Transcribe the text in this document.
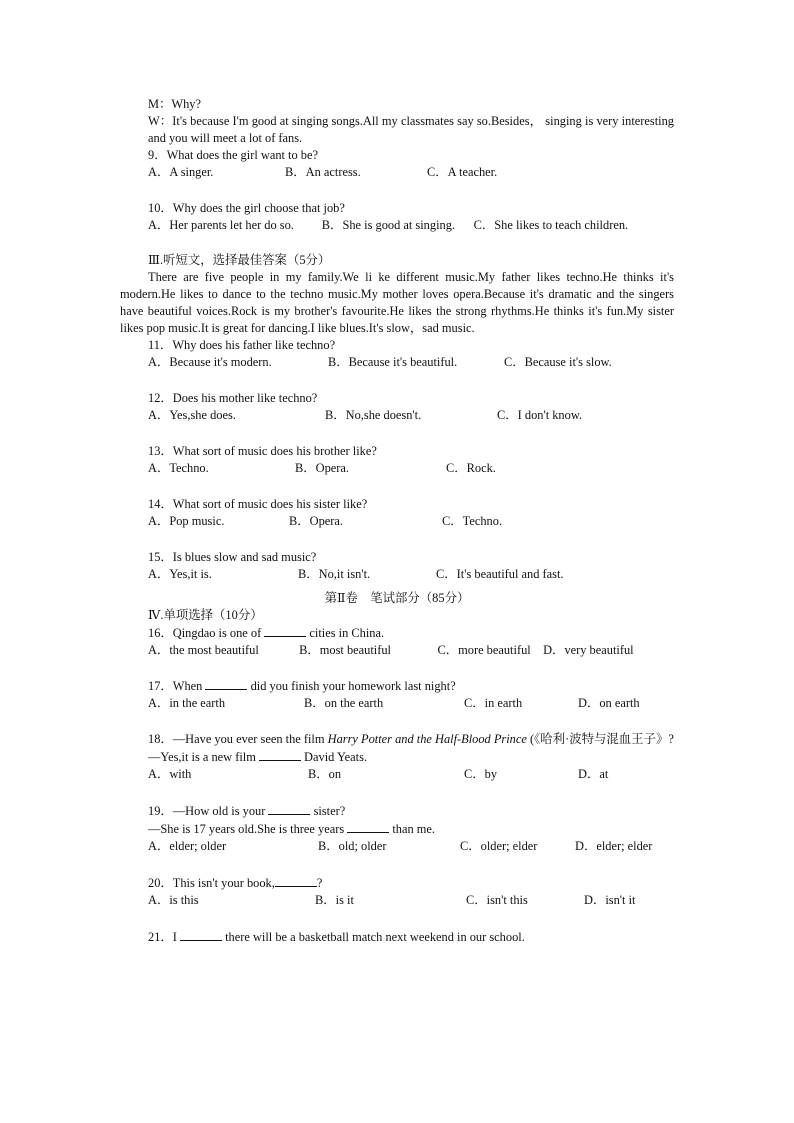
M：Why?
W：It's because I'm good at singing songs.All my classmates say so.Besides， singing is very interesting and you will meet a lot of fans.
9．What does the girl want to be?
A．A singer.	B．An actress.	C．A teacher.
10．Why does the girl choose that job?
A．Her parents let her do so. B．She is good at singing. C．She likes to teach children.
Ⅲ.听短文，选择最佳答案（5分）
There are five people in my family.We li ke different music.My father likes techno.He thinks it's modern.He likes to dance to the techno music.My mother loves opera.Because it's dramatic and the singers have beautiful voices.Rock is my brother's favourite.He likes the strong rhythms.He thinks it's fun.My sister likes pop music.It is great for dancing.I like blues.It's slow，sad music.
11．Why does his father like techno?
A．Because it's modern.	B．Because it's beautiful.	C．Because it's slow.
12．Does his mother like techno?
A．Yes,she does.	B．No,she doesn't.	C．I don't know.
13．What sort of music does his brother like?
A．Techno.	B．Opera.	C．Rock.
14．What sort of music does his sister like?
A．Pop music.	B．Opera.	C．Techno.
15．Is blues slow and sad music?
A．Yes,it is.	B．No,it isn't.	C．It's beautiful and fast.
第Ⅱ卷　笔试部分（85分）
Ⅳ.单项选择（10分）
16．Qingdao is one of	cities in China.
A．the most beautiful	B．most beautiful	C．more beautiful D．very beautiful
17．When	did you finish your homework last night?
A．in the earth	B．on the earth	C．in earth	D．on earth
18．—Have you ever seen the film Harry Potter and the Half-Blood Prince (《哈利·波特与混血王子》?
—Yes,it is a new film	David Yeats.
A．with	B．on	C．by	D．at
19．—How old is your	sister?
—She is 17 years old.She is three years	than me.
A．elder; older	B．old; older	C．older; elder	D．elder; elder
20．This isn't your book,	?
A．is this	B．is it	C．isn't this	D．isn't it
21．I	there will be a basketball match next weekend in our school.
